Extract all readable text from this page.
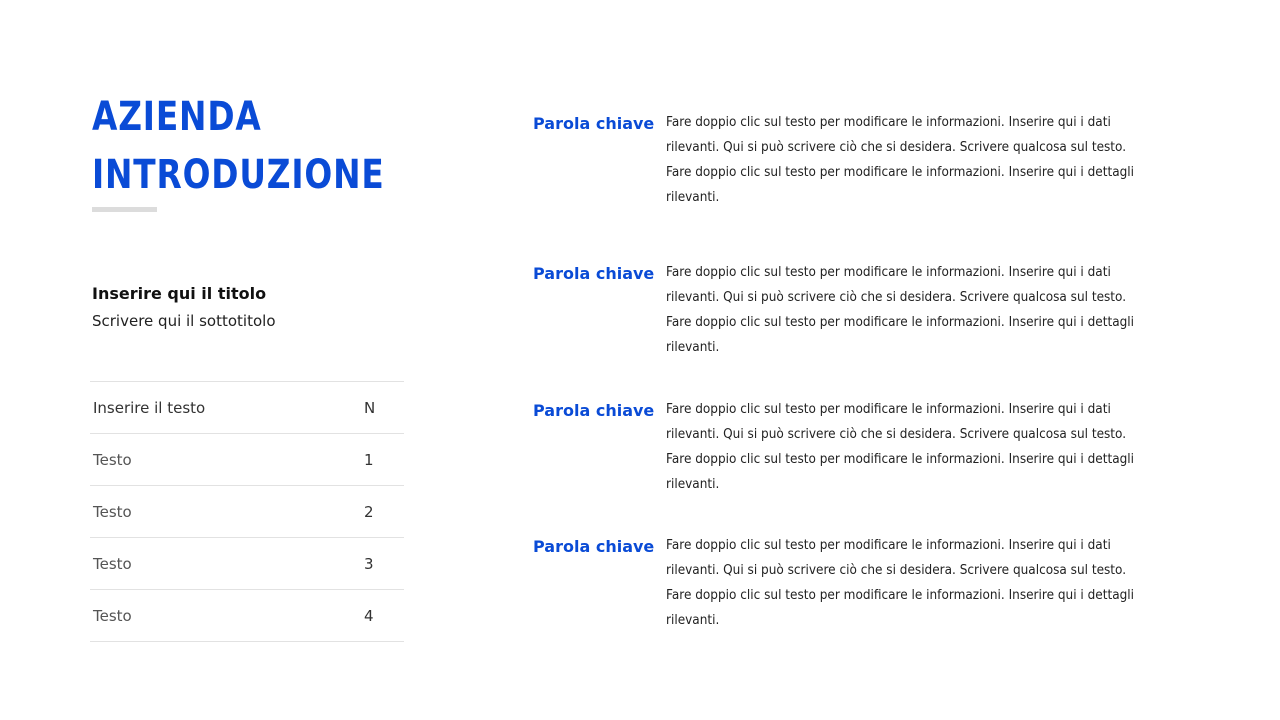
AZIENDA
INTRODUZIONE
Inserire qui il titolo
Scrivere qui il sottotitolo
Inserire il testo	N
Testo	1
Testo	2
Testo	3
Testo	4
Parola chiave Fare doppio clic sul testo per modificare le informazioni. Inserire qui i dati rilevanti. Qui si può scrivere ciò che si desidera. Scrivere qualcosa sul testo. Fare doppio clic sul testo per modificare le informazioni. Inserire qui i dettagli rilevanti.
Parola chiave Fare doppio clic sul testo per modificare le informazioni. Inserire qui i dati rilevanti. Qui si può scrivere ciò che si desidera. Scrivere qualcosa sul testo. Fare doppio clic sul testo per modificare le informazioni. Inserire qui i dettagli rilevanti.
Parola chiave Fare doppio clic sul testo per modificare le informazioni. Inserire qui i dati rilevanti. Qui si può scrivere ciò che si desidera. Scrivere qualcosa sul testo. Fare doppio clic sul testo per modificare le informazioni. Inserire qui i dettagli rilevanti.
Parola chiave Fare doppio clic sul testo per modificare le informazioni. Inserire qui i dati rilevanti. Qui si può scrivere ciò che si desidera. Scrivere qualcosa sul testo. Fare doppio clic sul testo per modificare le informazioni. Inserire qui i dettagli rilevanti.
